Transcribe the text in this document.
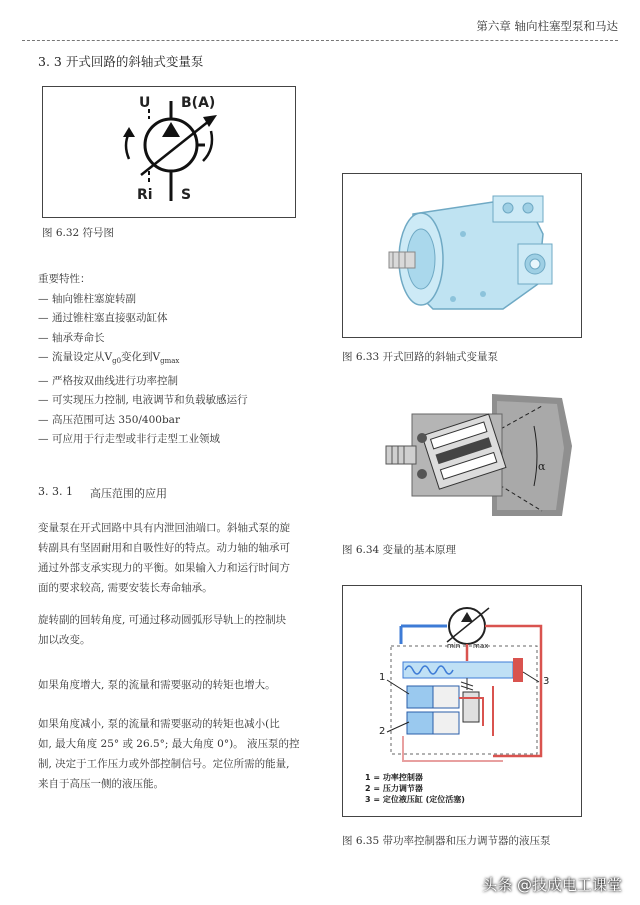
第六章 轴向柱塞型泵和马达
3. 3 开式回路的斜轴式变量泵
U B(A)
Ri S
图 6.32 符号图
重要特性：
— 轴向锥柱塞旋转副
— 通过锥柱塞直接驱动缸体
— 轴承寿命长
— 流量设定从$V_{g0}$变化到$V_{gmax}$
— 严格按双曲线进行功率控制
— 可实现压力控制, 电液调节和负载敏感运行
— 高压范围可达 350/400bar
— 可应用于行走型或非行走型工业领域
3. 3. 1 高压范围的应用
变量泵在开式回路中具有内泄回油端口。斜轴式泵的旋
转副具有坚固耐用和自吸性好的特点。动力轴的轴承可
通过外部支承实现力的平衡。如果输入力和运行时间方
面的要求较高, 需要安装长寿命轴承。
旋转副的回转角度, 可通过移动圆弧形导轨上的控制块
加以改变。
如果角度增大, 泵的流量和需要驱动的转矩也增大。
如果角度减小, 泵的流量和需要驱动的转矩也减小(比
如, 最大角度 25° 或 26.5°; 最大角度 0°)。 液压泵的控
制, 决定于工作压力或外部控制信号。定位所需的能量,
来自于高压一侧的液压能。
图 6.33 开式回路的斜轴式变量泵
α
图 6.34 变量的基本原理
min max
1
2
3
1 = 功率控制器
2 = 压力调节器
3 = 定位液压缸 (定位活塞)
图 6.35 带功率控制器和压力调节器的液压泵
头条 @技成电工课堂
